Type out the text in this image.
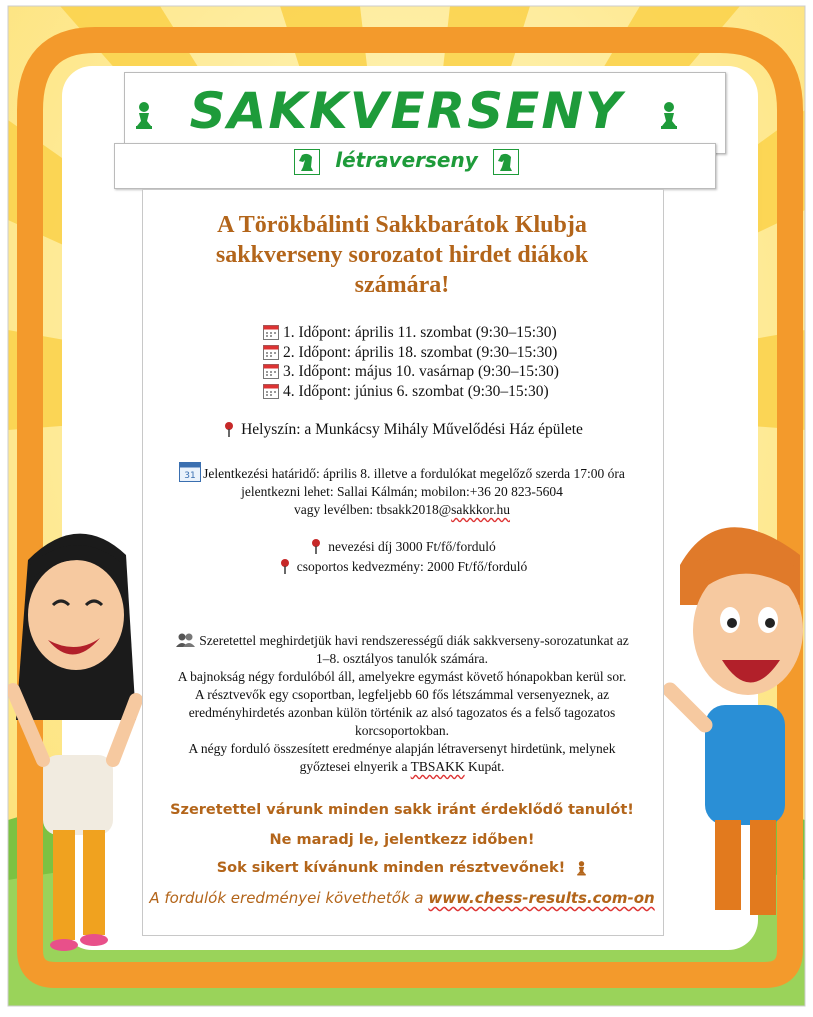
SAKKVERSENY
létraverseny
A Törökbálinti Sakkbarátok Klubja
sakkverseny sorozatot hirdet diákok
számára!
1. Időpont: április 11. szombat (9:30–15:30)
2. Időpont: április 18. szombat (9:30–15:30)
3. Időpont: május 10. vasárnap (9:30–15:30)
4. Időpont: június 6. szombat (9:30–15:30)
Helyszín: a Munkácsy Mihály Művelődési Ház épülete
31 Jelentkezési határidő: április 8. illetve a fordulókat megelőző szerda 17:00 óra
jelentkezni lehet: Sallai Kálmán; mobilon:+36 20 823-5604
vagy levélben: tbsakk2018@sakkkor.hu
nevezési díj 3000 Ft/fő/forduló
csoportos kedvezmény: 2000 Ft/fő/forduló
Szeretettel meghirdetjük havi rendszerességű diák sakkverseny-sorozatunkat az
1–8. osztályos tanulók számára.
A bajnokság négy fordulóból áll, amelyekre egymást követő hónapokban kerül sor.
A résztvevők egy csoportban, legfeljebb 60 fős létszámmal versenyeznek, az
eredményhirdetés azonban külön történik az alsó tagozatos és a felső tagozatos
korcsoportokban.
A négy forduló összesített eredménye alapján létraversenyt hirdetünk, melynek
győztesei elnyerik a TBSAKK Kupát.
Szeretettel várunk minden sakk iránt érdeklődő tanulót!
Ne maradj le, jelentkezz időben!
Sok sikert kívánunk minden résztvevőnek!
A fordulók eredményei követhetők a www.chess-results.com-on
